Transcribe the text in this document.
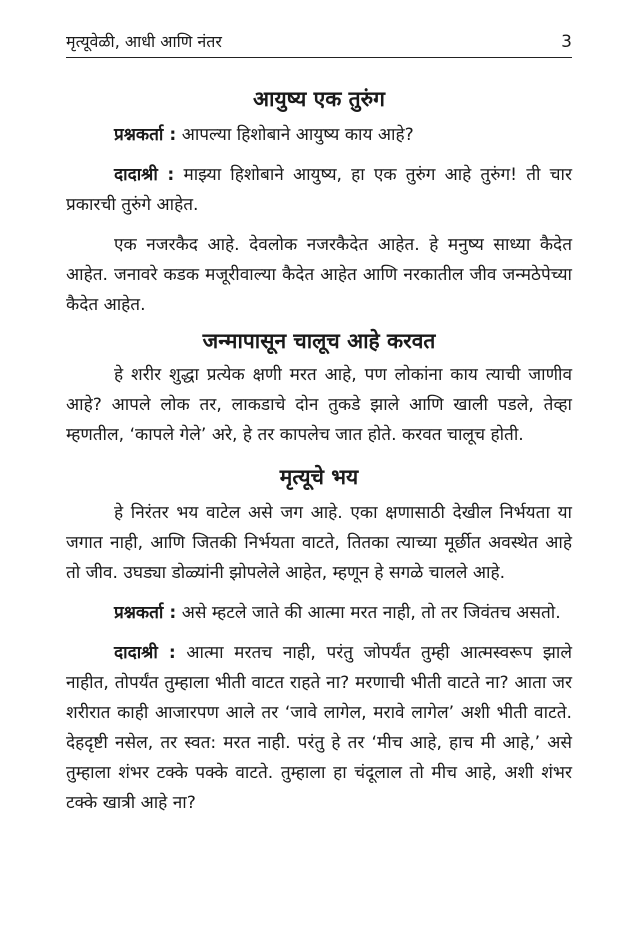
मृत्यूवेळी, आधी आणि नंतर	3
आयुष्य एक तुरुंग

प्रश्नकर्ता : आपल्या हिशोबाने आयुष्य काय आहे?

दादाश्री : माझ्या हिशोबाने आयुष्य, हा एक तुरुंग आहे तुरुंग! ती चार प्रकारची तुरुंगे आहेत.

एक नजरकैद आहे. देवलोक नजरकैदेत आहेत. हे मनुष्य साध्या कैदेत आहेत. जनावरे कडक मजूरीवाल्या कैदेत आहेत आणि नरकातील जीव जन्मठेपेच्या कैदेत आहेत.

जन्मापासून चालूच आहे करवत

हे शरीर शुद्धा प्रत्येक क्षणी मरत आहे, पण लोकांना काय त्याची जाणीव आहे? आपले लोक तर, लाकडाचे दोन तुकडे झाले आणि खाली पडले, तेव्हा म्हणतील, ‘कापले गेले’ अरे, हे तर कापलेच जात होते. करवत चालूच होती.

मृत्यूचे भय

हे निरंतर भय वाटेल असे जग आहे. एका क्षणासाठी देखील निर्भयता या जगात नाही, आणि जितकी निर्भयता वाटते, तितका त्याच्या मूर्छीत अवस्थेत आहे तो जीव. उघड्या डोळ्यांनी झोपलेले आहेत, म्हणून हे सगळे चालले आहे.

प्रश्नकर्ता : असे म्हटले जाते की आत्मा मरत नाही, तो तर जिवंतच असतो.

दादाश्री : आत्मा मरतच नाही, परंतु जोपर्यंत तुम्ही आत्मस्वरूप झाले नाहीत, तोपर्यंत तुम्हाला भीती वाटत राहते ना? मरणाची भीती वाटते ना? आता जर शरीरात काही आजारपण आले तर ‘जावे लागेल, मरावे लागेल’ अशी भीती वाटते. देहदृष्टी नसेल, तर स्वत: मरत नाही. परंतु हे तर ‘मीच आहे, हाच मी आहे,’ असे तुम्हाला शंभर टक्के पक्के वाटते. तुम्हाला हा चंदूलाल तो मीच आहे, अशी शंभर टक्के खात्री आहे ना?
